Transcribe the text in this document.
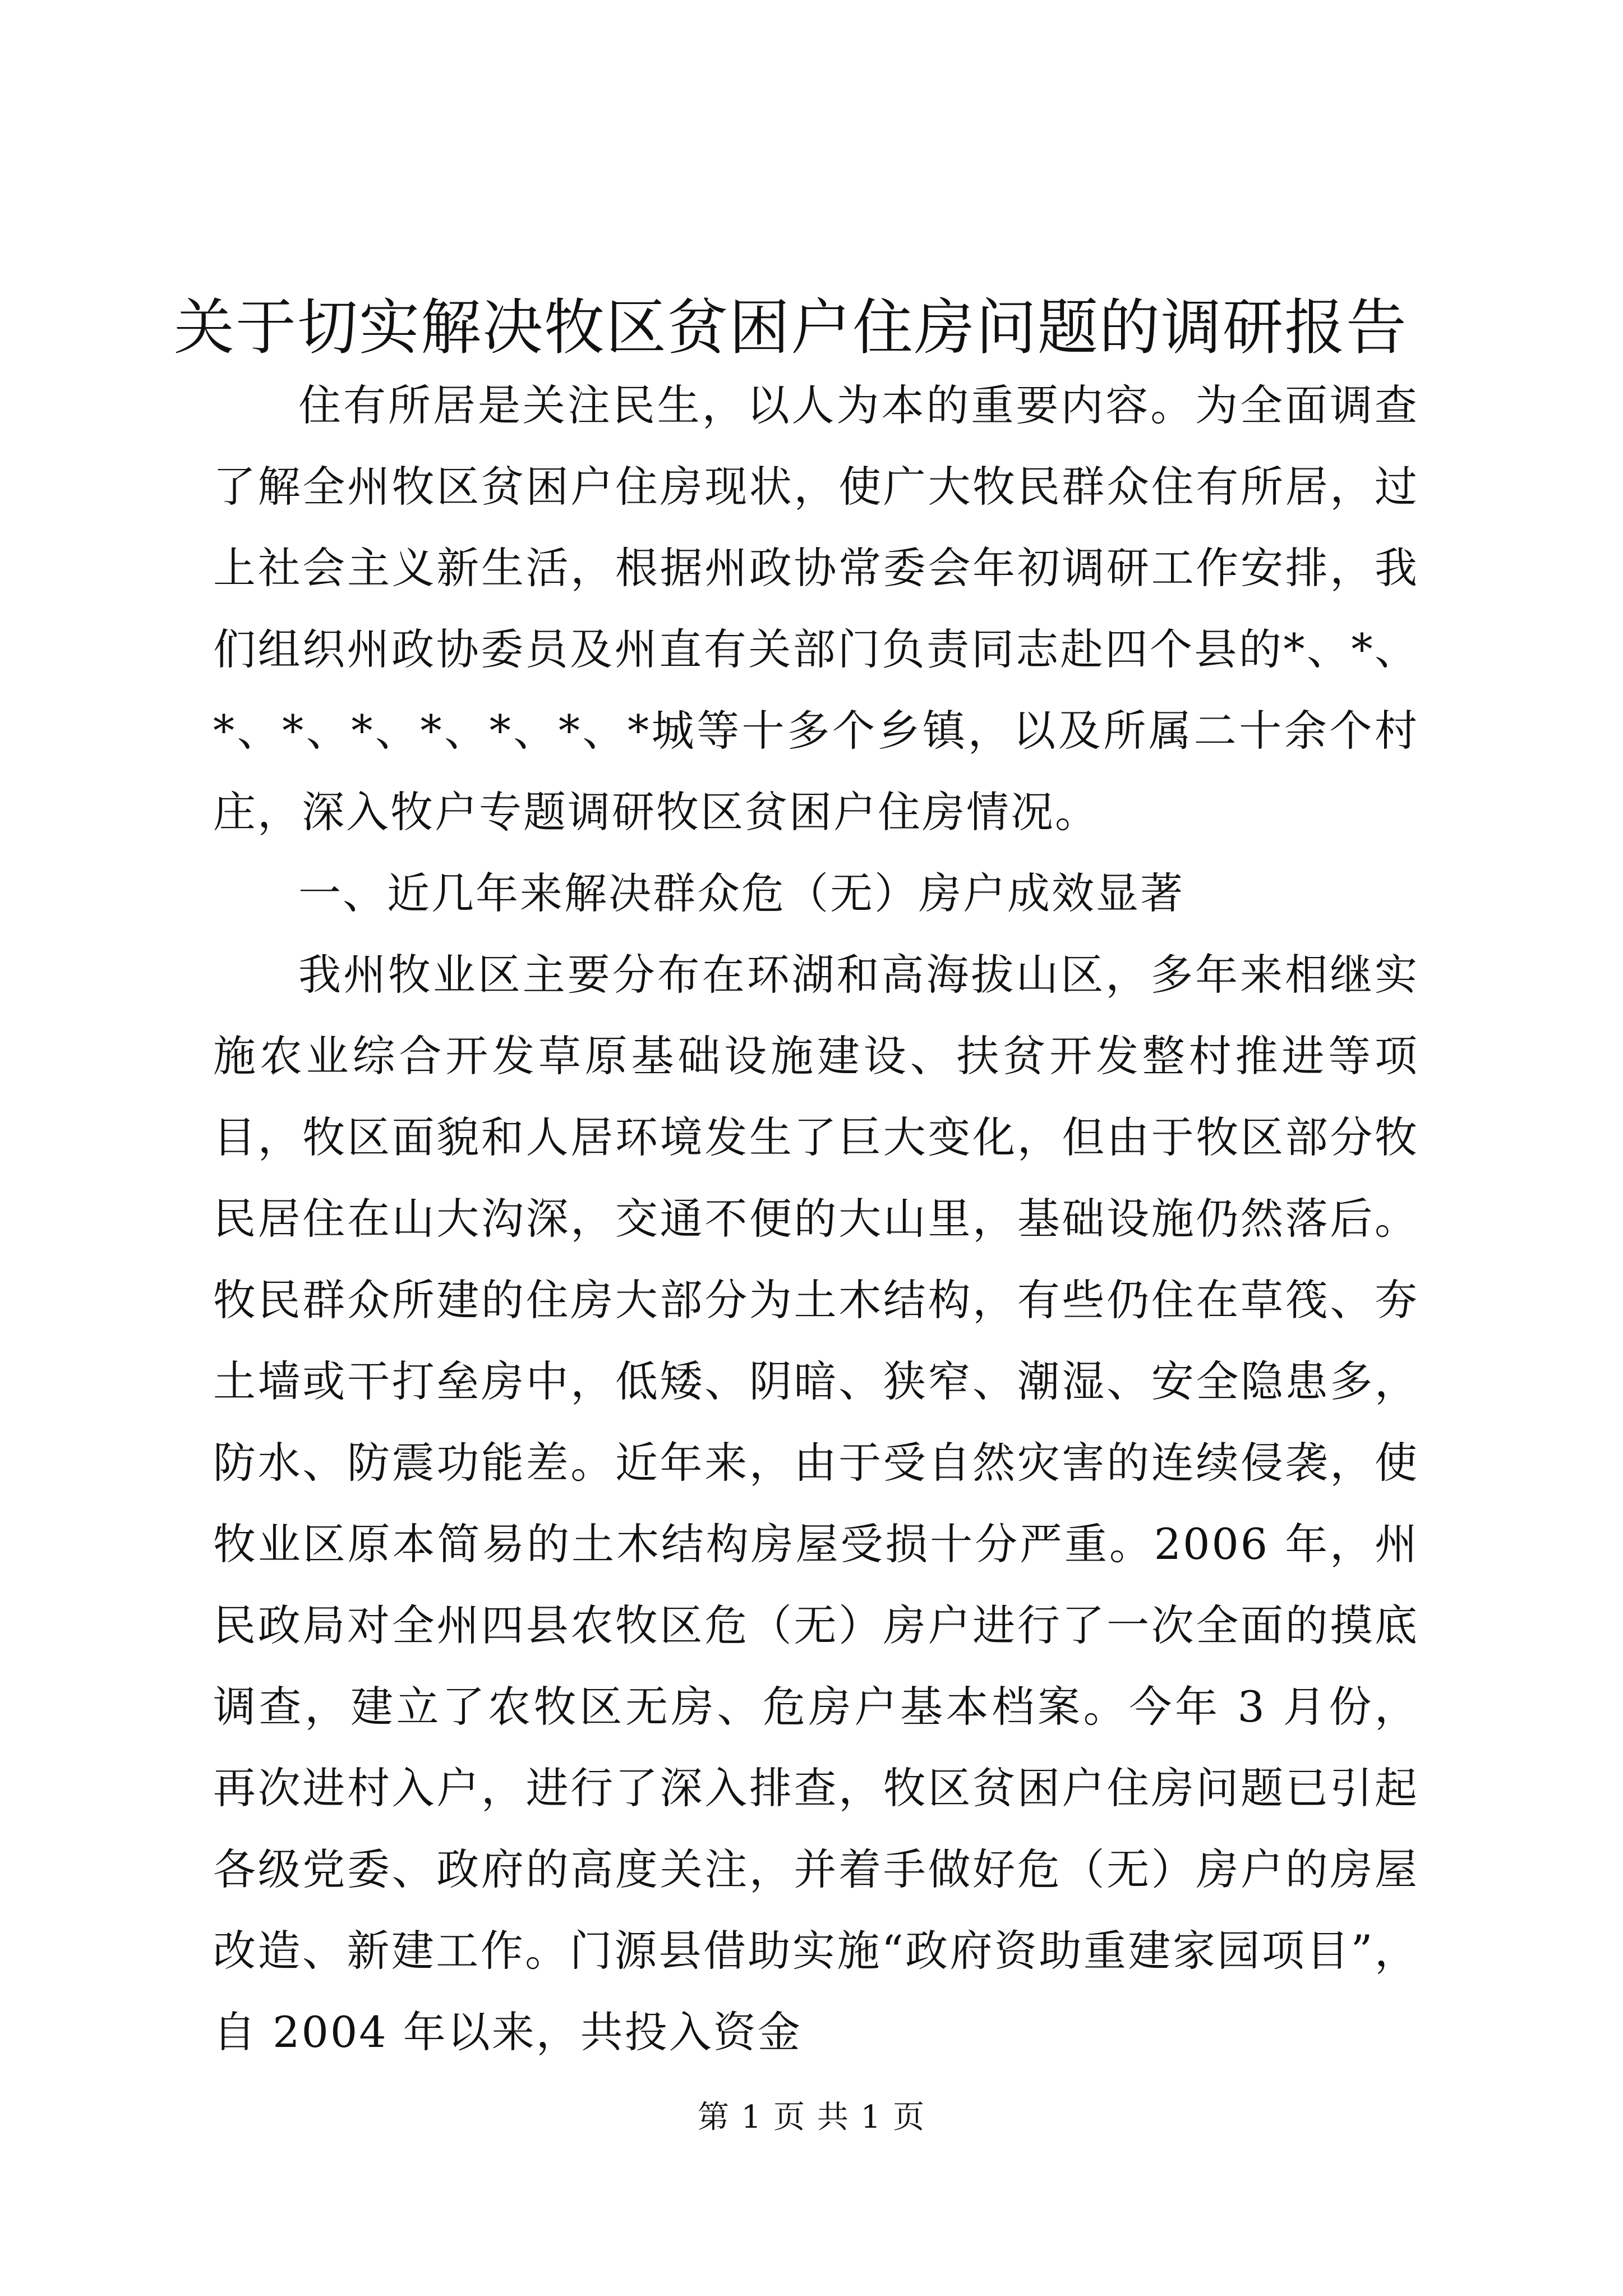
关于切实解决牧区贫困户住房问题的调研报告

住有所居是关注民生，以人为本的重要内容。为全面调查了解全州牧区贫困户住房现状，使广大牧民群众住有所居，过上社会主义新生活，根据州政协常委会年初调研工作安排，我们组织州政协委员及州直有关部门负责同志赴四个县的*、*、*、*、*、*、*、*、*城等十多个乡镇，以及所属二十余个村庄，深入牧户专题调研牧区贫困户住房情况。

一、近几年来解决群众危（无）房户成效显著

我州牧业区主要分布在环湖和高海拔山区，多年来相继实施农业综合开发草原基础设施建设、扶贫开发整村推进等项目，牧区面貌和人居环境发生了巨大变化，但由于牧区部分牧民居住在山大沟深，交通不便的大山里，基础设施仍然落后。牧民群众所建的住房大部分为土木结构，有些仍住在草筏、夯土墙或干打垒房中，低矮、阴暗、狭窄、潮湿、安全隐患多，防水、防震功能差。近年来，由于受自然灾害的连续侵袭，使牧业区原本简易的土木结构房屋受损十分严重。2006 年，州民政局对全州四县农牧区危（无）房户进行了一次全面的摸底调查，建立了农牧区无房、危房户基本档案。今年 3 月份，再次进村入户，进行了深入排查，牧区贫困户住房问题已引起各级党委、政府的高度关注，并着手做好危（无）房户的房屋改造、新建工作。门源县借助实施“政府资助重建家园项目”，自 2004 年以来，共投入资金

第 1 页 共 1 页
